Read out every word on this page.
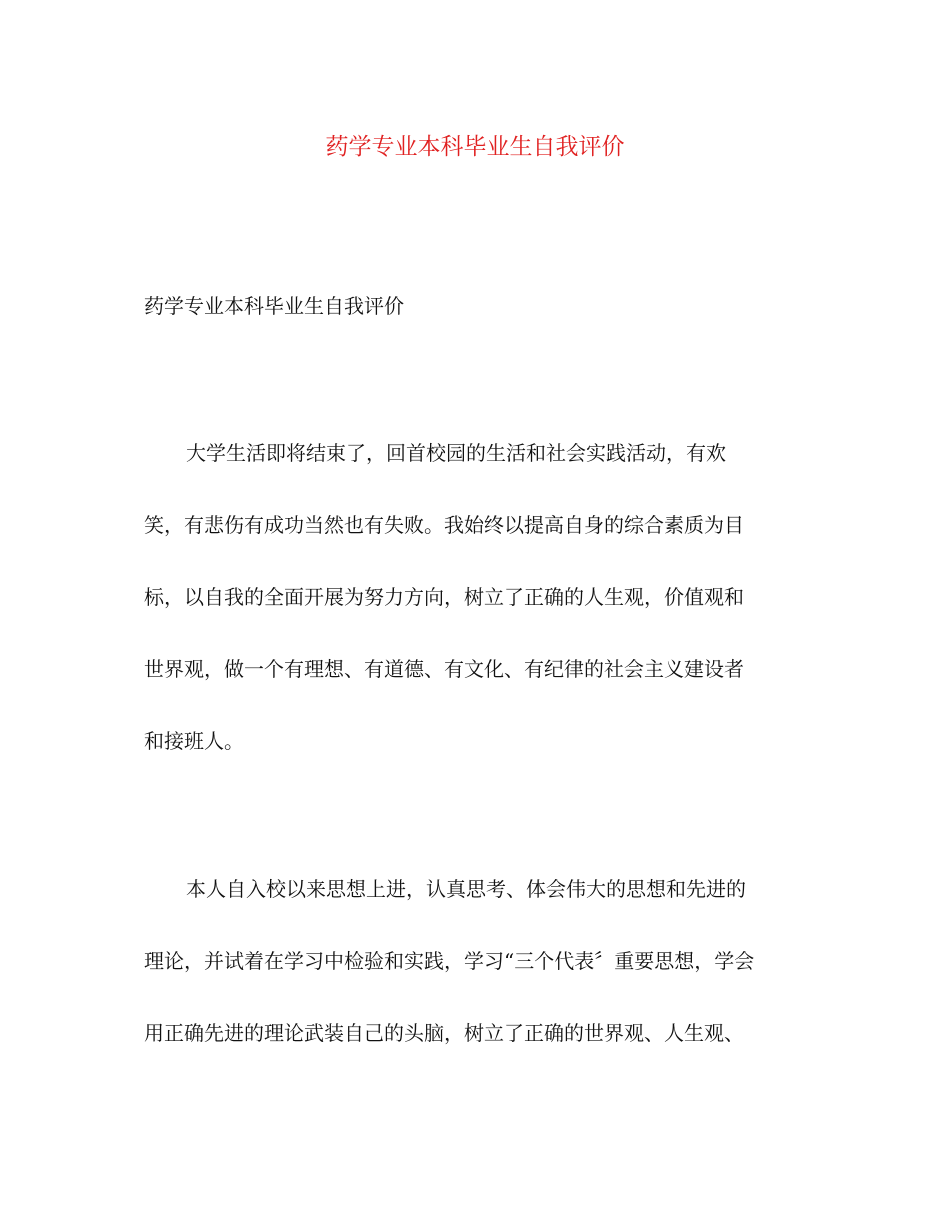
药学专业本科毕业生自我评价

药学专业本科毕业生自我评价

大学生活即将结束了，回首校园的生活和社会实践活动，有欢

笑，有悲伤有成功当然也有失败。我始终以提高自身的综合素质为目

标，以自我的全面开展为努力方向，树立了正确的人生观，价值观和

世界观，做一个有理想、有道德、有文化、有纪律的社会主义建设者

和接班人。

本人自入校以来思想上进，认真思考、体会伟大的思想和先进的

理论，并试着在学习中检验和实践，学习“三个代表〞重要思想，学会

用正确先进的理论武装自己的头脑，树立了正确的世界观、人生观、
